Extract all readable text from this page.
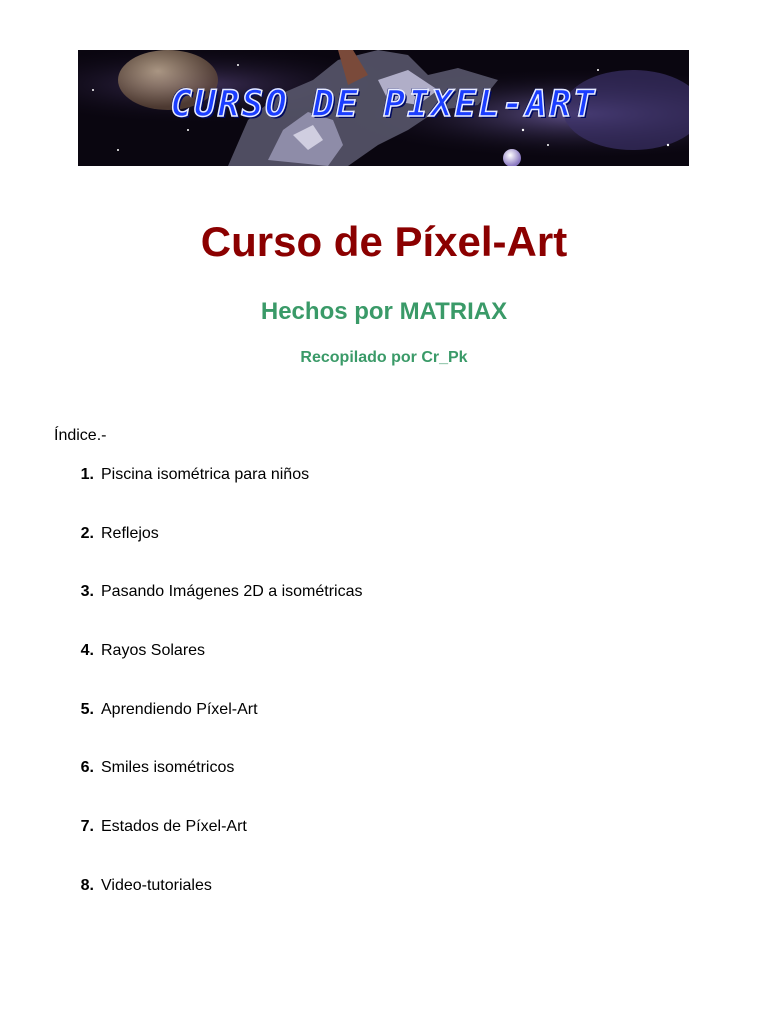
CURSO DE PIXEL-ART
Curso de Píxel-Art
Hechos por MATRIAX

Recopilado por Cr_Pk

Índice.-

1. Piscina isométrica para niños
2. Reflejos
3. Pasando Imágenes 2D a isométricas
4. Rayos Solares
5. Aprendiendo Píxel-Art
6. Smiles isométricos
7. Estados de Píxel-Art
8. Video-tutoriales
